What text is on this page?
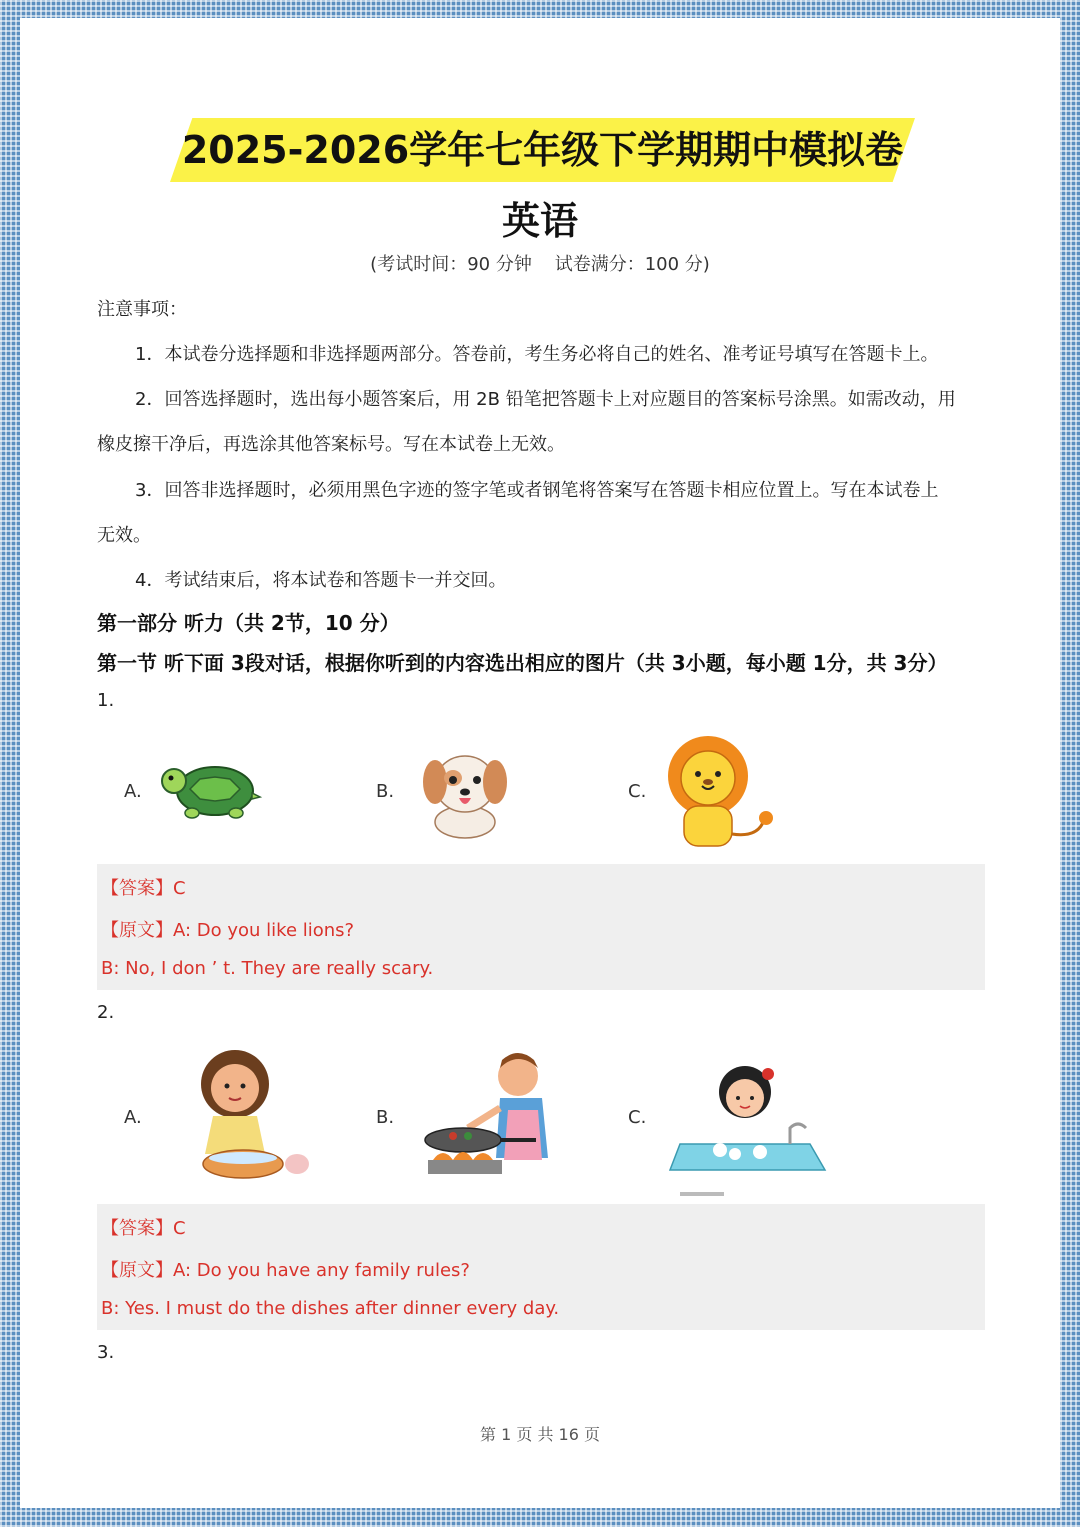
2025-2026学年七年级下学期期中模拟卷
英语
(考试时间：90 分钟    试卷满分：100 分)
注意事项：
1．本试卷分选择题和非选择题两部分。答卷前，考生务必将自己的姓名、准考证号填写在答题卡上。
2．回答选择题时，选出每小题答案后，用 2B 铅笔把答题卡上对应题目的答案标号涂黑。如需改动，用
橡皮擦干净后，再选涂其他答案标号。写在本试卷上无效。
3．回答非选择题时，必须用黑色字迹的签字笔或者钢笔将答案写在答题卡相应位置上。写在本试卷上
无效。
4．考试结束后，将本试卷和答题卡一并交回。
第一部分 听力（共 2节，10 分）
第一节 听下面 3段对话，根据你听到的内容选出相应的图片（共 3小题，每小题 1分，共 3分）
1.
A.	B.	C.
【答案】C
【原文】A: Do you like lions?
B: No, I don ’ t. They are really scary.
2.
A.	B.	C.
【答案】C
【原文】A: Do you have any family rules?
B: Yes. I must do the dishes after dinner every day.
3.
第 1 页 共 16 页
